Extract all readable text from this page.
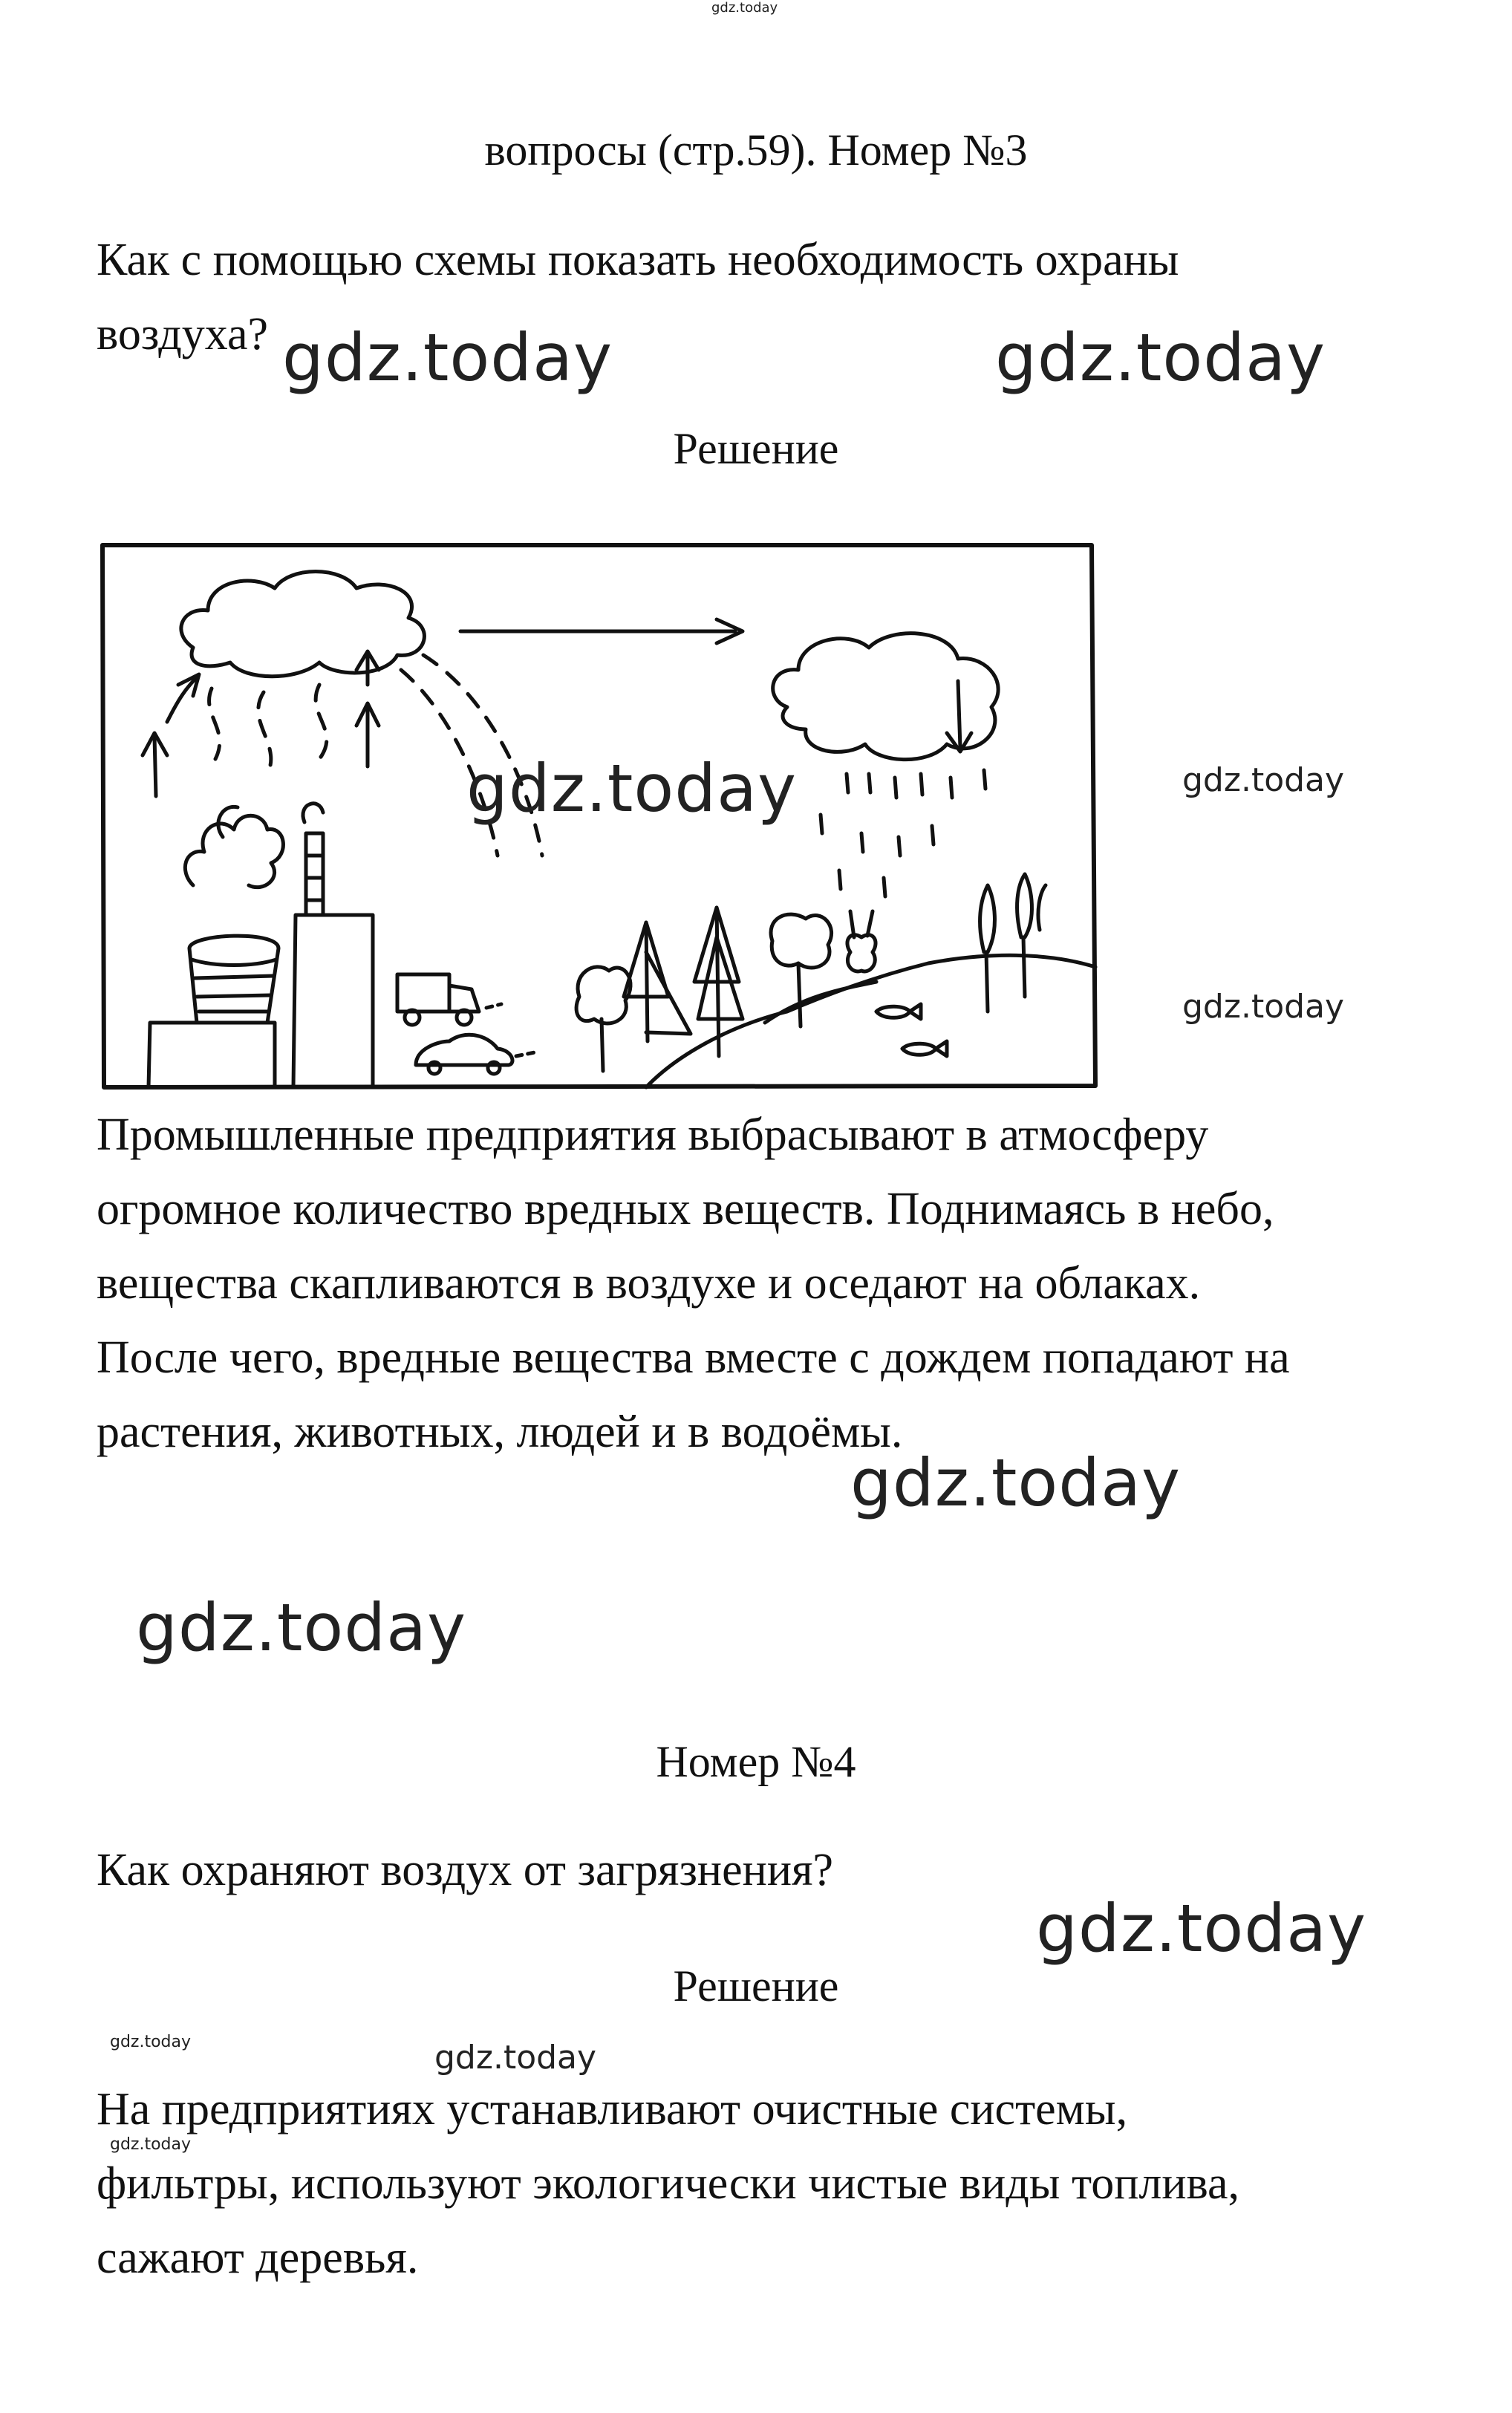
gdz.today
вопросы (стр.59). Номер №3
Как с помощью схемы показать необходимость охраны
воздуха? gdz.today	gdz.today
Решение
gdz.today	gdz.today
gdz.today
Промышленные предприятия выбрасывают в атмосферу
огромное количество вредных веществ. Поднимаясь в небо,
вещества скапливаются в воздухе и оседают на облаках.
После чего, вредные вещества вместе с дождем попадают на
растения, животных, людей и в водоёмы.
gdz.today
gdz.today
Номер №4
Как охраняют воздух от загрязнения?
gdz.today
Решение
gdz.today	gdz.today
На предприятиях устанавливают очистные системы,
фильтры, используют экологически чистые виды топлива,
сажают деревья.
gdz.today
